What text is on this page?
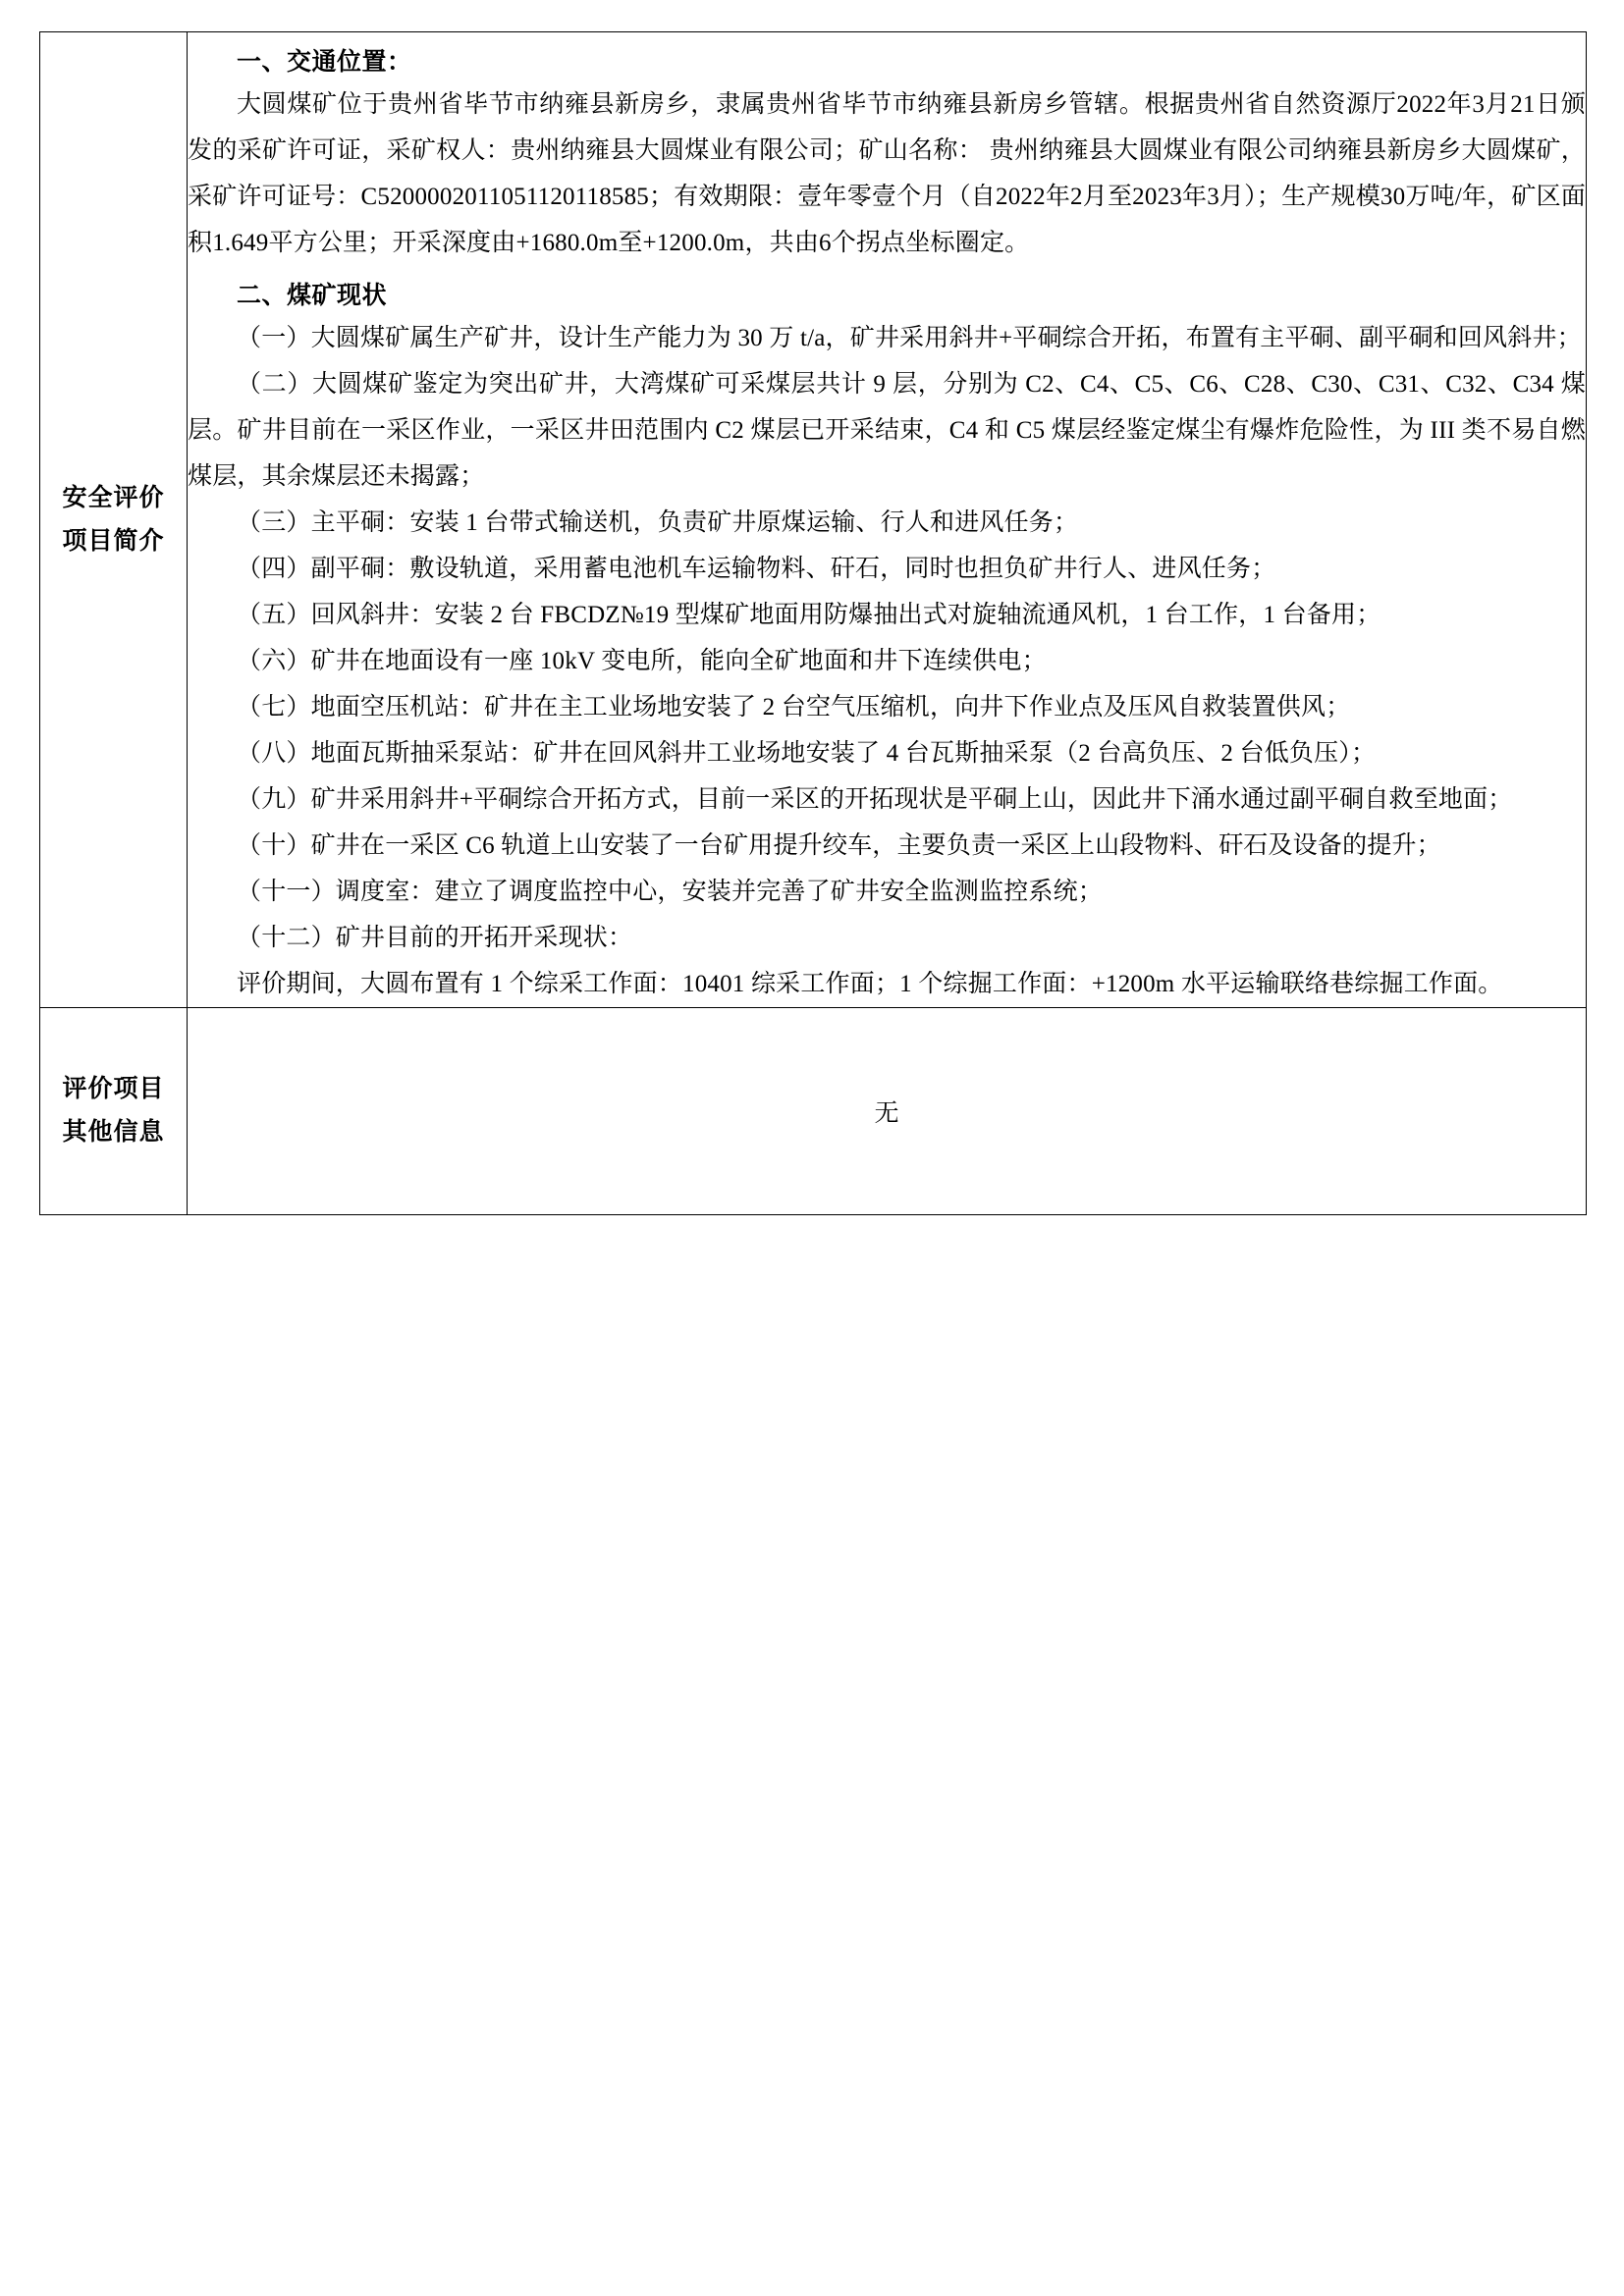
安全评价
项目简介

一、交通位置：

大圆煤矿位于贵州省毕节市纳雍县新房乡，隶属贵州省毕节市纳雍县新房乡管辖。根据贵州省自然资源厅2022年3月21日颁发的采矿许可证，采矿权人：贵州纳雍县大圆煤业有限公司；矿山名称： 贵州纳雍县大圆煤业有限公司纳雍县新房乡大圆煤矿， 采矿许可证号：C5200002011051120118585；有效期限：壹年零壹个月（自2022年2月至2023年3月）；生产规模30万吨/年，矿区面积1.649平方公里；开采深度由+1680.0m至+1200.0m，共由6个拐点坐标圈定。

二、煤矿现状

（一）大圆煤矿属生产矿井，设计生产能力为 30 万 t/a，矿井采用斜井+平硐综合开拓，布置有主平硐、副平硐和回风斜井；

（二）大圆煤矿鉴定为突出矿井，大湾煤矿可采煤层共计 9 层，分别为 C2、C4、C5、C6、C28、C30、C31、C32、C34 煤层。矿井目前在一采区作业，一采区井田范围内 C2 煤层已开采结束，C4 和 C5 煤层经鉴定煤尘有爆炸危险性，为 III 类不易自燃煤层，其余煤层还未揭露；

（三）主平硐：安装 1 台带式输送机，负责矿井原煤运输、行人和进风任务；

（四）副平硐：敷设轨道，采用蓄电池机车运输物料、矸石，同时也担负矿井行人、进风任务；

（五）回风斜井：安装 2 台 FBCDZ№19 型煤矿地面用防爆抽出式对旋轴流通风机，1 台工作，1 台备用；

（六）矿井在地面设有一座 10kV 变电所，能向全矿地面和井下连续供电；

（七）地面空压机站：矿井在主工业场地安装了 2 台空气压缩机，向井下作业点及压风自救装置供风；

（八）地面瓦斯抽采泵站：矿井在回风斜井工业场地安装了 4 台瓦斯抽采泵（2 台高负压、2 台低负压）；

（九）矿井采用斜井+平硐综合开拓方式，目前一采区的开拓现状是平硐上山，因此井下涌水通过副平硐自救至地面；

（十）矿井在一采区 C6 轨道上山安装了一台矿用提升绞车，主要负责一采区上山段物料、矸石及设备的提升；

（十一）调度室：建立了调度监控中心，安装并完善了矿井安全监测监控系统；

（十二）矿井目前的开拓开采现状：

评价期间，大圆布置有 1 个综采工作面：10401 综采工作面；1 个综掘工作面：+1200m 水平运输联络巷综掘工作面。

评价项目
其他信息	无
